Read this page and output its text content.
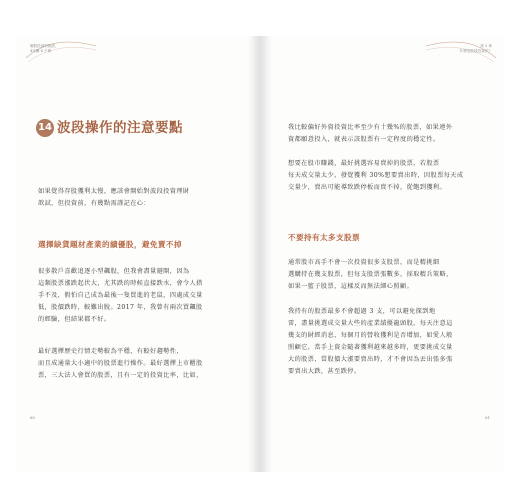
飆股投資的秘訣，
4年賺 4 千萬
14 波段操作的注意要點
如果覺得存股獲利太慢，應該會開始對波段投資理財
歆試，但投資前，有幾點需謹記在心：
選擇缺貨題材產業的績優股，避免賣不掉
很多散戶喜歡追逐小型飆股，但我會盡量避開，因為
這類股票漲跌起伏大，尤其跌的時候直接跌水，會令人措
手不及，假怕自己成為最後一隻買進的老鼠，四處成交量
低，股價跌時，較難出脫。2017 年，我曾有兩次買飆股
的經驗，但結果都不好。
最好選擇歷史行情走勢較為平穩，有較好趨勢性，
而且成通量大小適中的股票進行操作。最好選擇上市櫃股
票，三大法人會買的股票，且有一定的投資比率，比如，
60
第 3 章
什麼是波段投資法？
我比較偏好外資投資比率至少有十幾%的股票，如果連外
資都願意投入，就表示該股票有一定程度的穩定性。
想要在股市賺錢，最好挑選容易賣掉的股票，若股票
每天成交量太少，發覺獲利 30%想要賣出時，因股票每天成
交量少，賣出可能導致跌停板而賣不掉，從飽到獲利。
不要持有太多支股票
通常股市高手不會一次投資很多支股票，而是精挑細
選購持在幾支股票，但每支股票張數多，採取精兵策略，
如果一籃子股票，這樣反而無法細心照顧。
我持有的股票最多不會超過 3 支，可以避免探到地
雷，盡量挑選成交量大些的產業績優龍頭股，每天注意這
幾支的財經消息，每個月的營收獲利是否增加，如愛人般
照顧它，當手上資金隨著獲利越來越多時，更要挑成交量
大的股票，當股價大漲要賣出時，才不會因為丟出張多張
要賣出大跌，甚至跌停。
61
